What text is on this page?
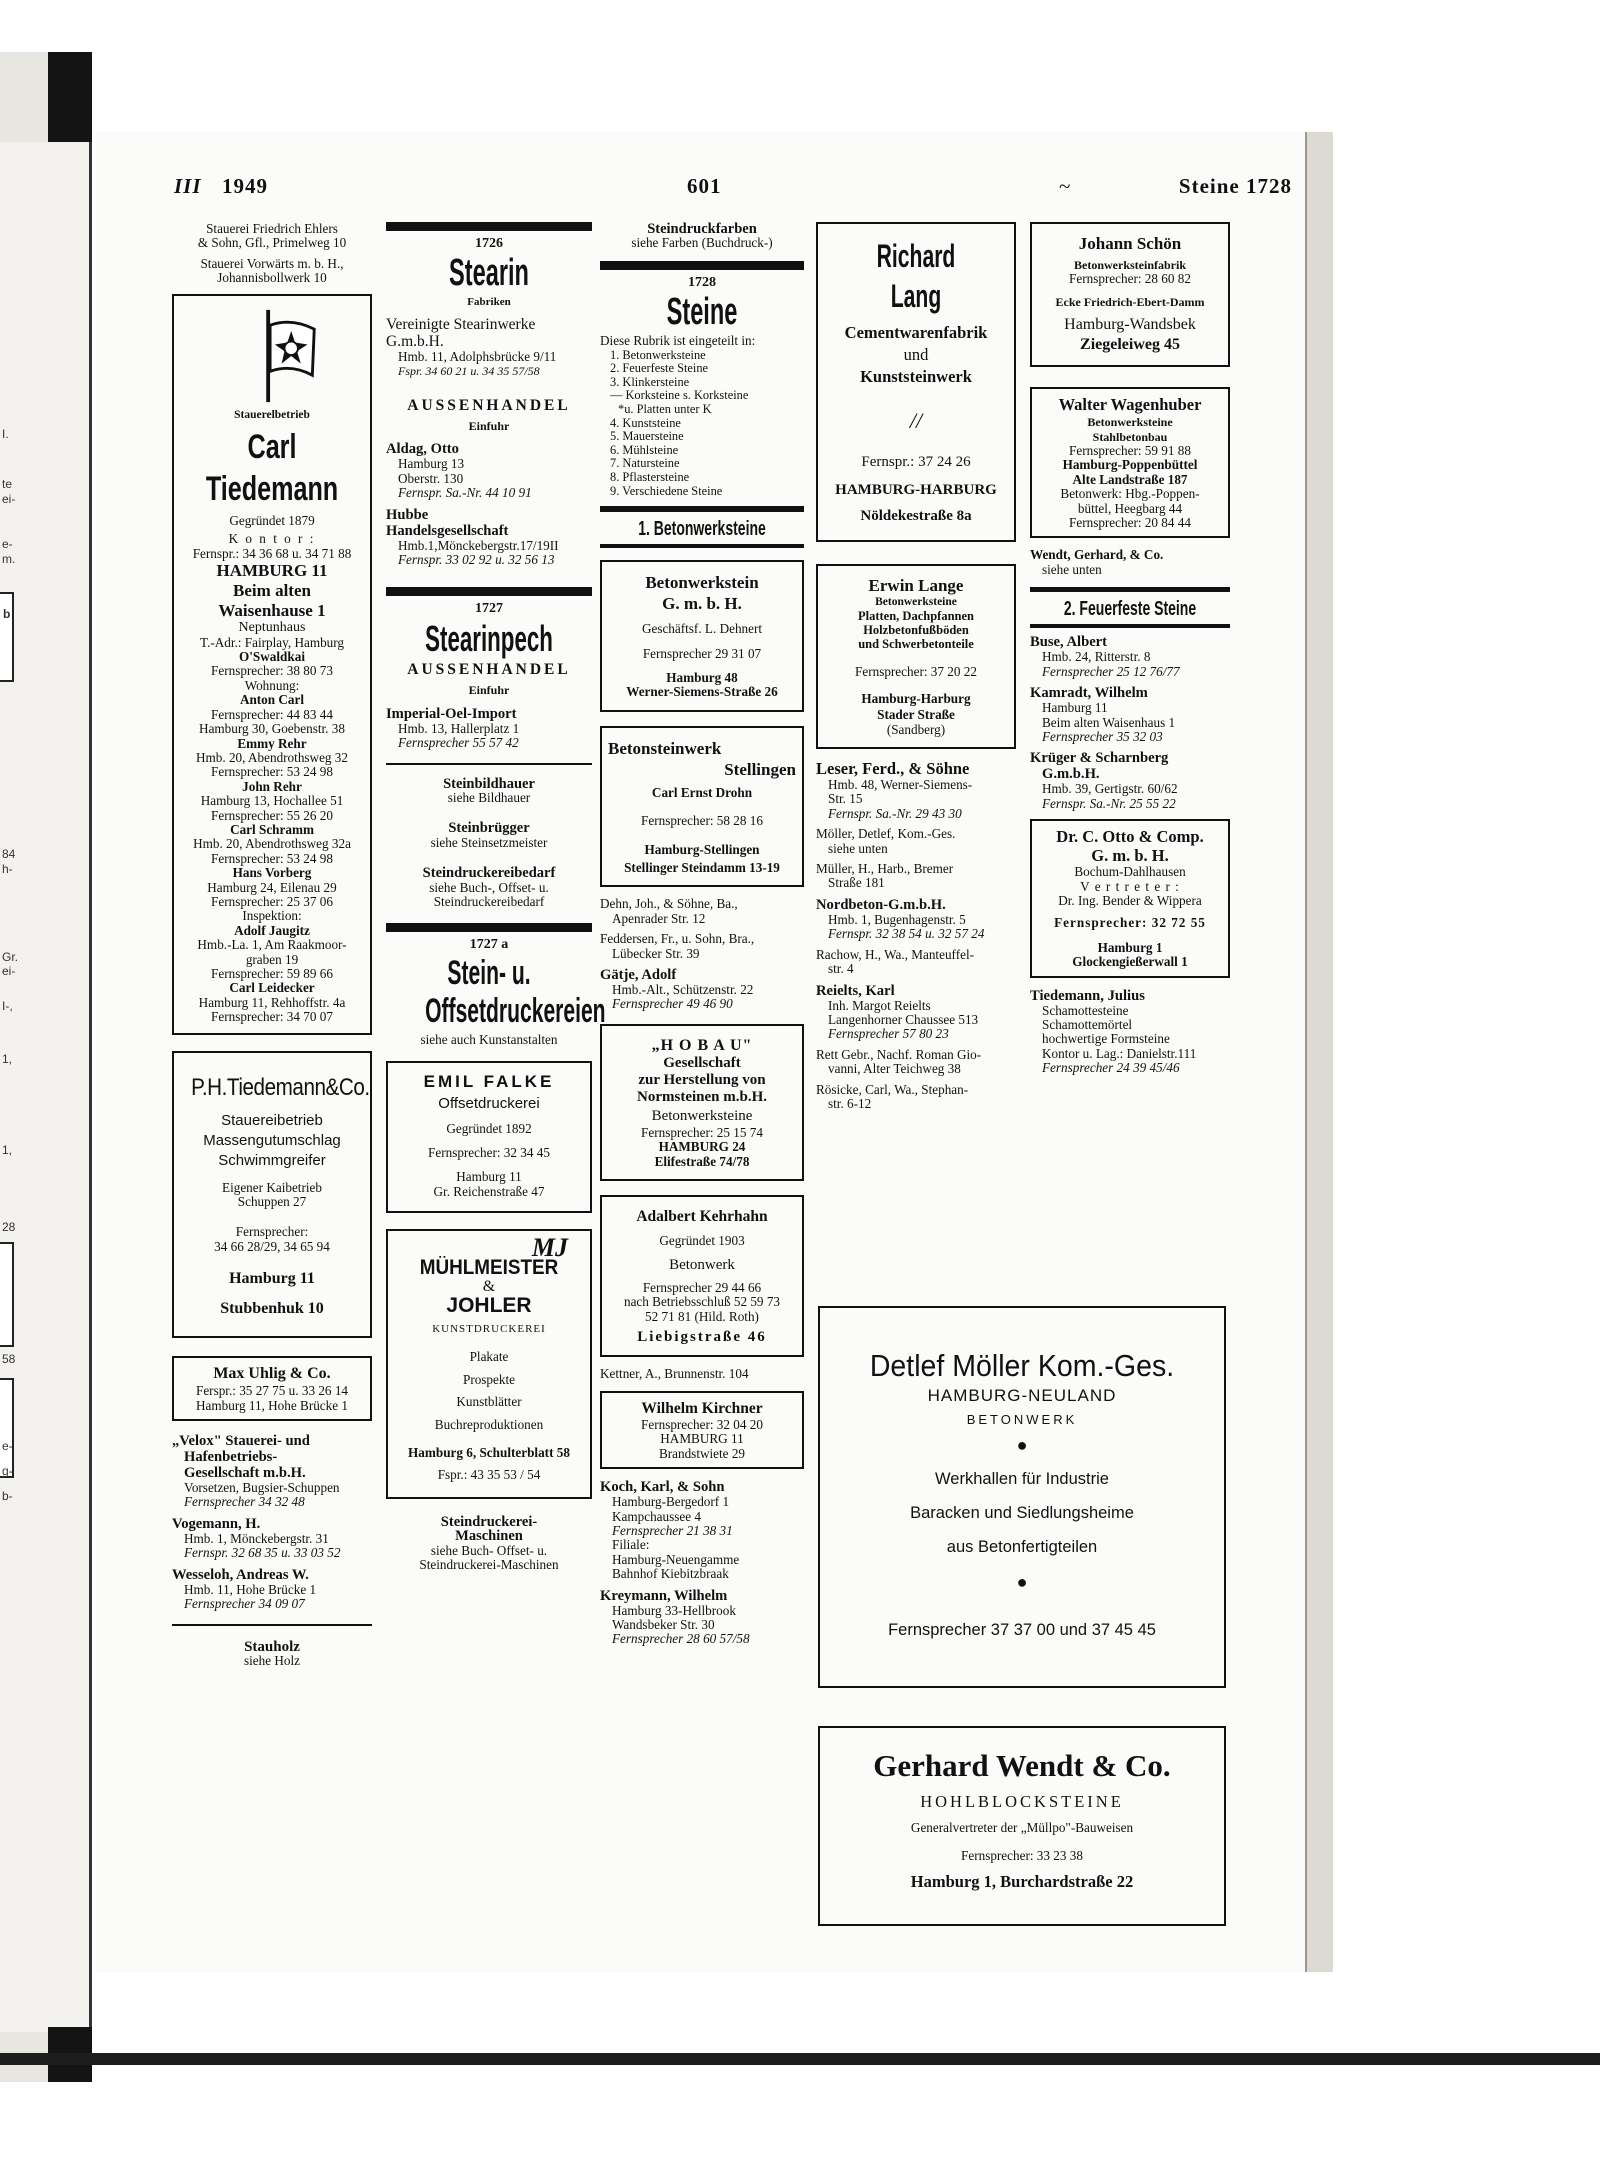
I.
te
ei-
e-
m.
b
84
h-
Gr.
ei-
I-,
1,
1,
28
58
e-
g-
b-
III 1949	601	~	Steine 1728
Stauerei Friedrich Ehlers
& Sohn, Gfl., Primelweg 10
Stauerei Vorwärts m. b. H.,
Johannisbollwerk 10
Stauerelbetrieb
Carl Tiedemann
Gegründet 1879
K o n t o r :
Fernspr.: 34 36 68 u. 34 71 88
HAMBURG 11
Beim alten
Waisenhause 1
Neptunhaus
T.-Adr.: Fairplay, Hamburg
O'Swaldkai
Fernsprecher: 38 80 73
Wohnung:
Anton Carl
Fernsprecher: 44 83 44
Hamburg 30, Goebenstr. 38
Emmy Rehr
Hmb. 20, Abendrothsweg 32
Fernsprecher: 53 24 98
John Rehr
Hamburg 13, Hochallee 51
Fernsprecher: 55 26 20
Carl Schramm
Hmb. 20, Abendrothsweg 32a
Fernsprecher: 53 24 98
Hans Vorberg
Hamburg 24, Eilenau 29
Fernsprecher: 25 37 06
Inspektion:
Adolf Jaugitz
Hmb.-La. 1, Am Raakmoor-
graben 19
Fernsprecher: 59 89 66
Carl Leidecker
Hamburg 11, Rehhoffstr. 4a
Fernsprecher: 34 70 07
P.H.Tiedemann&Co.
Stauereibetrieb
Massengutumschlag
Schwimmgreifer
Eigener Kaibetrieb
Schuppen 27
Fernsprecher:
34 66 28/29, 34 65 94
Hamburg 11
Stubbenhuk 10
Max Uhlig & Co.
Ferspr.: 35 27 75 u. 33 26 14
Hamburg 11, Hohe Brücke 1
„Velox" Stauerei- und
Hafenbetriebs-
Gesellschaft m.b.H.
Vorsetzen, Bugsier-Schuppen
Fernsprecher 34 32 48
Vogemann, H.
Hmb. 1, Mönckebergstr. 31
Fernspr. 32 68 35 u. 33 03 52
Wesseloh, Andreas W.
Hmb. 11, Hohe Brücke 1
Fernsprecher 34 09 07
Stauholz
siehe Holz
1726
Stearin
Fabriken
Vereinigte Stearinwerke
G.m.b.H.
Hmb. 11, Adolphsbrücke 9/11
Fspr. 34 60 21 u. 34 35 57/58
AUSSENHANDEL
Einfuhr
Aldag, Otto
Hamburg 13
Oberstr. 130
Fernspr. Sa.-Nr. 44 10 91
Hubbe
Handelsgesellschaft
Hmb.1,Mönckebergstr.17/19II
Fernspr. 33 02 92 u. 32 56 13
1727
Stearinpech
AUSSENHANDEL
Einfuhr
Imperial-Oel-Import
Hmb. 13, Hallerplatz 1
Fernsprecher 55 57 42
Steinbildhauer
siehe Bildhauer
Steinbrügger
siehe Steinsetzmeister
Steindruckereibedarf
siehe Buch-, Offset- u.
Steindruckereibedarf
1727 a
Stein- u.
Offsetdruckereien
siehe auch Kunstanstalten
EMIL FALKE
Offsetdruckerei
Gegründet 1892
Fernsprecher: 32 34 45
Hamburg 11
Gr. Reichenstraße 47
MJ
MÜHLMEISTER
&
JOHLER
KUNSTDRUCKEREI
Plakate
Prospekte
Kunstblätter
Buchreproduktionen
Hamburg 6, Schulterblatt 58
Fspr.: 43 35 53 / 54
Steindruckerei-
Maschinen
siehe Buch- Offset- u.
Steindruckerei-Maschinen
Steindruckfarben
siehe Farben (Buchdruck-)
1728
Steine
Diese Rubrik ist eingeteilt in:
1. Betonwerksteine
2. Feuerfeste Steine
3. Klinkersteine
— Korksteine s. Korksteine
*u. Platten unter K
4. Kunststeine
5. Mauersteine
6. Mühlsteine
7. Natursteine
8. Pflastersteine
9. Verschiedene Steine
1. Betonwerksteine
Betonwerkstein
G. m. b. H.
Geschäftsf. L. Dehnert
Fernsprecher 29 31 07
Hamburg 48
Werner-Siemens-Straße 26
Betonsteinwerk
Stellingen
Carl Ernst Drohn
Fernsprecher: 58 28 16
Hamburg-Stellingen
Stellinger Steindamm 13-19
Dehn, Joh., & Söhne, Ba.,
Apenrader Str. 12
Feddersen, Fr., u. Sohn, Bra.,
Lübecker Str. 39
Gätje, Adolf
Hmb.-Alt., Schützenstr. 22
Fernsprecher 49 46 90
„H O B A U"
Gesellschaft
zur Herstellung von
Normsteinen m.b.H.
Betonwerksteine
Fernsprecher: 25 15 74
HAMBURG 24
Elifestraße 74/78
Adalbert Kehrhahn
Gegründet 1903
Betonwerk
Fernsprecher 29 44 66
nach Betriebsschluß 52 59 73
52 71 81 (Hild. Roth)
Liebigstraße 46
Kettner, A., Brunnenstr. 104
Wilhelm Kirchner
Fernsprecher: 32 04 20
HAMBURG 11
Brandstwiete 29
Koch, Karl, & Sohn
Hamburg-Bergedorf 1
Kampchaussee 4
Fernsprecher 21 38 31
Filiale:
Hamburg-Neuengamme
Bahnhof Kiebitzbraak
Kreymann, Wilhelm
Hamburg 33-Hellbrook
Wandsbeker Str. 30
Fernsprecher 28 60 57/58
Richard Lang
Cementwarenfabrik
und
Kunststeinwerk
//
Fernspr.: 37 24 26
HAMBURG-HARBURG
Nöldekestraße 8a
Erwin Lange
Betonwerksteine
Platten, Dachpfannen
Holzbetonfußböden
und Schwerbetonteile
Fernsprecher: 37 20 22
Hamburg-Harburg
Stader Straße
(Sandberg)
Leser, Ferd., & Söhne
Hmb. 48, Werner-Siemens-
Str. 15
Fernspr. Sa.-Nr. 29 43 30
Möller, Detlef, Kom.-Ges.
siehe unten
Müller, H., Harb., Bremer
Straße 181
Nordbeton-G.m.b.H.
Hmb. 1, Bugenhagenstr. 5
Fernspr. 32 38 54 u. 32 57 24
Rachow, H., Wa., Manteuffel-
str. 4
Reielts, Karl
Inh. Margot Reielts
Langenhorner Chaussee 513
Fernsprecher 57 80 23
Rett Gebr., Nachf. Roman Gio-
vanni, Alter Teichweg 38
Rösicke, Carl, Wa., Stephan-
str. 6-12
Johann Schön
Betonwerksteinfabrik
Fernsprecher: 28 60 82
Ecke Friedrich-Ebert-Damm
Hamburg-Wandsbek
Ziegeleiweg 45
Walter Wagenhuber
Betonwerksteine
Stahlbetonbau
Fernsprecher: 59 91 88
Hamburg-Poppenbüttel
Alte Landstraße 187
Betonwerk: Hbg.-Poppen-
büttel, Heegbarg 44
Fernsprecher: 20 84 44
Wendt, Gerhard, & Co.
siehe unten
2. Feuerfeste Steine
Buse, Albert
Hmb. 24, Ritterstr. 8
Fernsprecher 25 12 76/77
Kamradt, Wilhelm
Hamburg 11
Beim alten Waisenhaus 1
Fernsprecher 35 32 03
Krüger & Scharnberg
G.m.b.H.
Hmb. 39, Gertigstr. 60/62
Fernspr. Sa.-Nr. 25 55 22
Dr. C. Otto & Comp.
G. m. b. H.
Bochum-Dahlhausen
V e r t r e t e r :
Dr. Ing. Bender & Wippera
Fernsprecher: 32 72 55
Hamburg 1
Glockengießerwall 1
Tiedemann, Julius
Schamottesteine
Schamottemörtel
hochwertige Formsteine
Kontor u. Lag.: Danielstr.111
Fernsprecher 24 39 45/46
Detlef Möller Kom.-Ges.
HAMBURG-NEULAND
BETONWERK
●
Werkhallen für Industrie
Baracken und Siedlungsheime
aus Betonfertigteilen
●
Fernsprecher 37 37 00 und 37 45 45
Gerhard Wendt & Co.
HOHLBLOCKSTEINE
Generalvertreter der „Müllpo"-Bauweisen
Fernsprecher: 33 23 38
Hamburg 1, Burchardstraße 22
